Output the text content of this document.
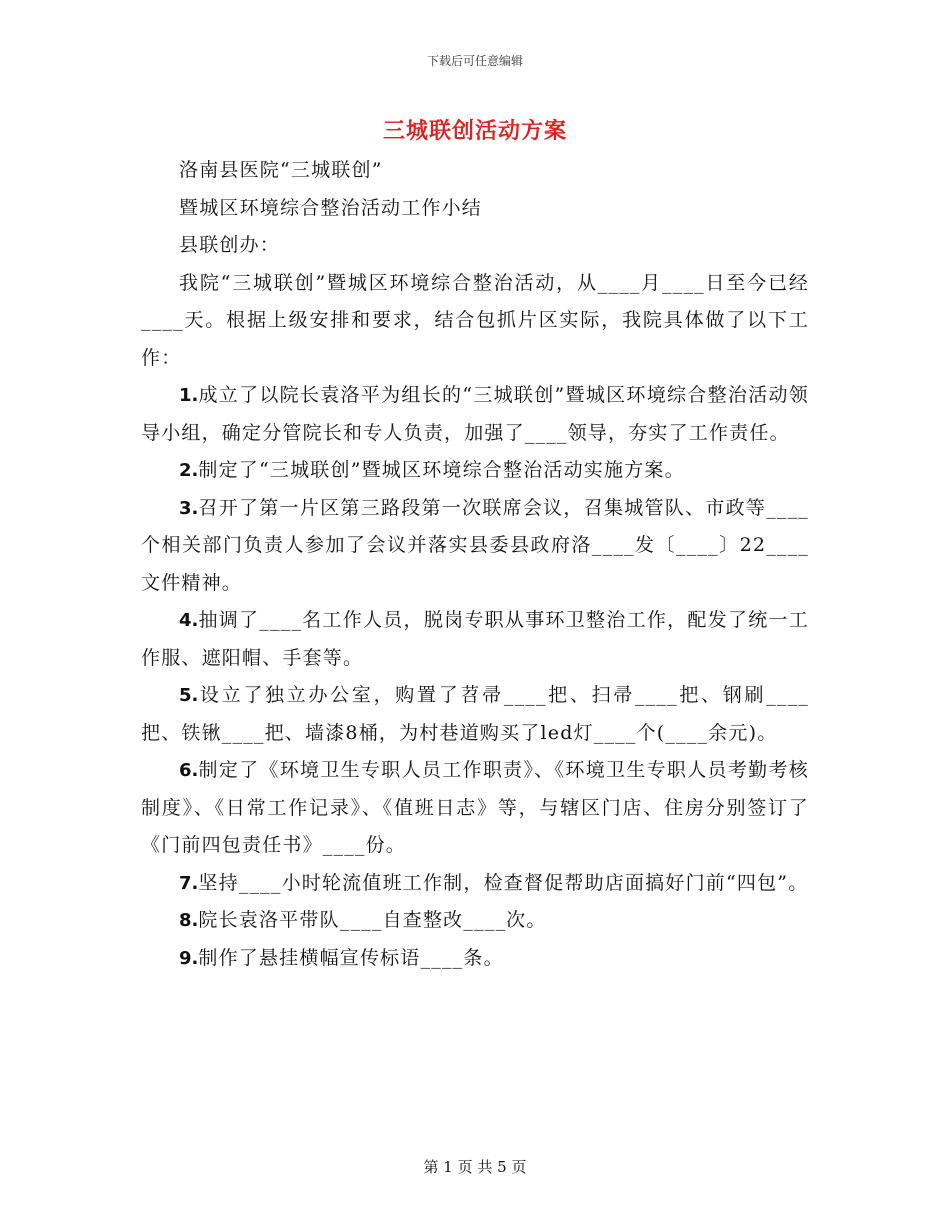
下载后可任意编辑
三城联创活动方案

洛南县医院“三城联创”

暨城区环境综合整治活动工作小结

县联创办：

我院“三城联创”暨城区环境综合整治活动，从____月____日至今已经____天。根据上级安排和要求，结合包抓片区实际，我院具体做了以下工作：

1.成立了以院长袁洛平为组长的“三城联创”暨城区环境综合整治活动领导小组，确定分管院长和专人负责，加强了____领导，夯实了工作责任。

2.制定了“三城联创”暨城区环境综合整治活动实施方案。

3.召开了第一片区第三路段第一次联席会议，召集城管队、市政等____个相关部门负责人参加了会议并落实县委县政府洛____发〔____〕22____文件精神。

4.抽调了____名工作人员，脱岗专职从事环卫整治工作，配发了统一工作服、遮阳帽、手套等。

5.设立了独立办公室，购置了苕帚____把、扫帚____把、钢刷____把、铁锹____把、墙漆8桶，为村巷道购买了led灯____个(____余元)。

6.制定了《环境卫生专职人员工作职责》、《环境卫生专职人员考勤考核制度》、《日常工作记录》、《值班日志》等，与辖区门店、住房分别签订了《门前四包责任书》____份。

7.坚持____小时轮流值班工作制，检查督促帮助店面搞好门前“四包”。

8.院长袁洛平带队____自查整改____次。

9.制作了悬挂横幅宣传标语____条。

第 1 页 共 5 页
